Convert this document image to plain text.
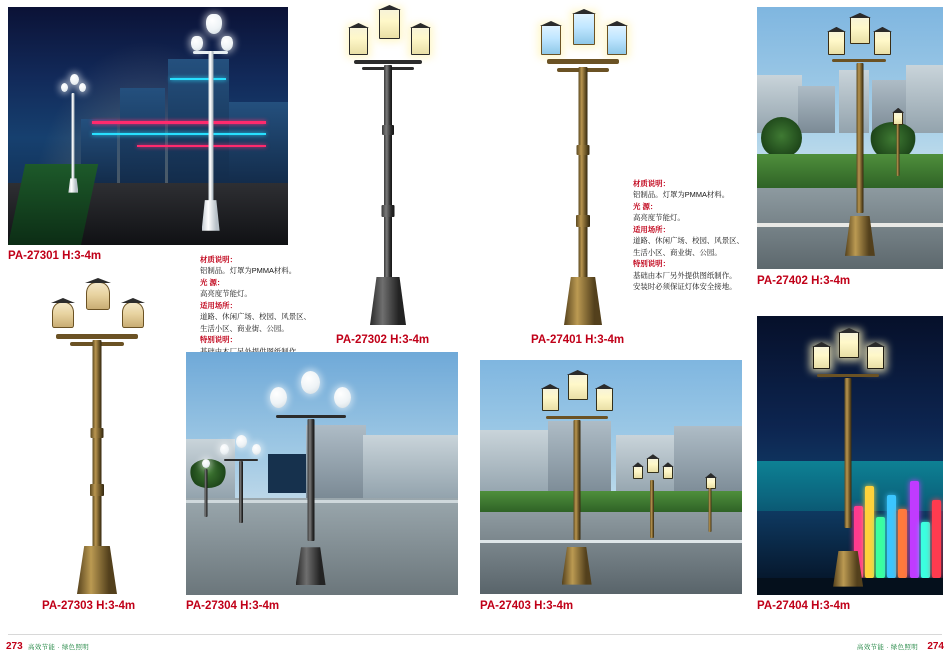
PA-27301 H:3-4m	材质说明：
铝制品。灯罩为PMMA材料。
光 源：
高亮度节能灯。
适用场所：
道路、休闲广场、校园、风景区、
生活小区、商业街、公园。
特别说明：	PA-27302 H:3-4m	PA-27401 H:3-4m
材质说明：
铝制品。灯罩为PMMA材料。
光 源：
高亮度节能灯。
适用场所：
道路、休闲广场、校园、风景区、
生活小区、商业街、公园。
特别说明：
基础由本厂另外提供图纸制作。
安装时必须保证灯体安全接地。	PA-27402 H:3-4m
PA-27303 H:3-4m	PA-27304 H:3-4m	PA-27403 H:3-4m	PA-27404 H:3-4m
273 高效节能 · 绿色照明	高效节能 · 绿色照明 274
